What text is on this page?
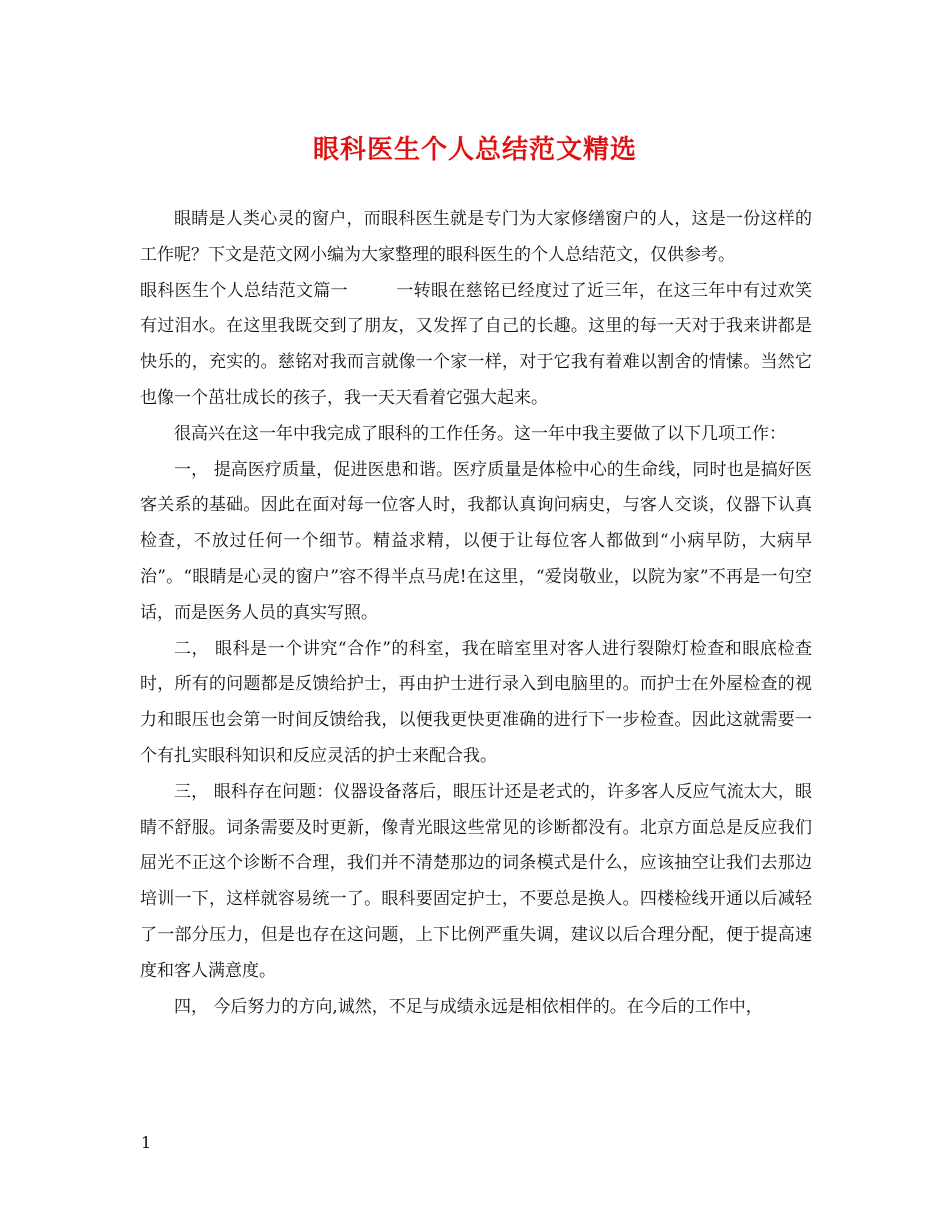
眼科医生个人总结范文精选

眼睛是人类心灵的窗户，而眼科医生就是专门为大家修缮窗户的人，这是一份这样的工作呢？下文是范文网小编为大家整理的眼科医生的个人总结范文，仅供参考。

眼科医生个人总结范文篇一	一转眼在慈铭已经度过了近三年，在这三年中有过欢笑有过泪水。在这里我既交到了朋友，又发挥了自己的长趣。这里的每一天对于我来讲都是快乐的，充实的。慈铭对我而言就像一个家一样，对于它我有着难以割舍的情愫。当然它也像一个茁壮成长的孩子，我一天天看着它强大起来。

很高兴在这一年中我完成了眼科的工作任务。这一年中我主要做了以下几项工作：

一， 提高医疗质量，促进医患和谐。医疗质量是体检中心的生命线，同时也是搞好医客关系的基础。因此在面对每一位客人时，我都认真询问病史，与客人交谈，仪器下认真检查，不放过任何一个细节。精益求精，以便于让每位客人都做到“小病早防，大病早治”。“眼睛是心灵的窗户”容不得半点马虎!在这里，“爱岗敬业，以院为家”不再是一句空话，而是医务人员的真实写照。

二， 眼科是一个讲究“合作”的科室，我在暗室里对客人进行裂隙灯检查和眼底检查时，所有的问题都是反馈给护士，再由护士进行录入到电脑里的。而护士在外屋检查的视力和眼压也会第一时间反馈给我，以便我更快更准确的进行下一步检查。因此这就需要一个有扎实眼科知识和反应灵活的护士来配合我。

三， 眼科存在问题：仪器设备落后，眼压计还是老式的，许多客人反应气流太大，眼睛不舒服。词条需要及时更新，像青光眼这些常见的诊断都没有。北京方面总是反应我们屈光不正这个诊断不合理，我们并不清楚那边的词条模式是什么，应该抽空让我们去那边培训一下，这样就容易统一了。眼科要固定护士，不要总是换人。四楼检线开通以后减轻了一部分压力，但是也存在这问题，上下比例严重失调，建议以后合理分配，便于提高速度和客人满意度。

四， 今后努力的方向,诚然，不足与成绩永远是相依相伴的。在今后的工作中，

1
